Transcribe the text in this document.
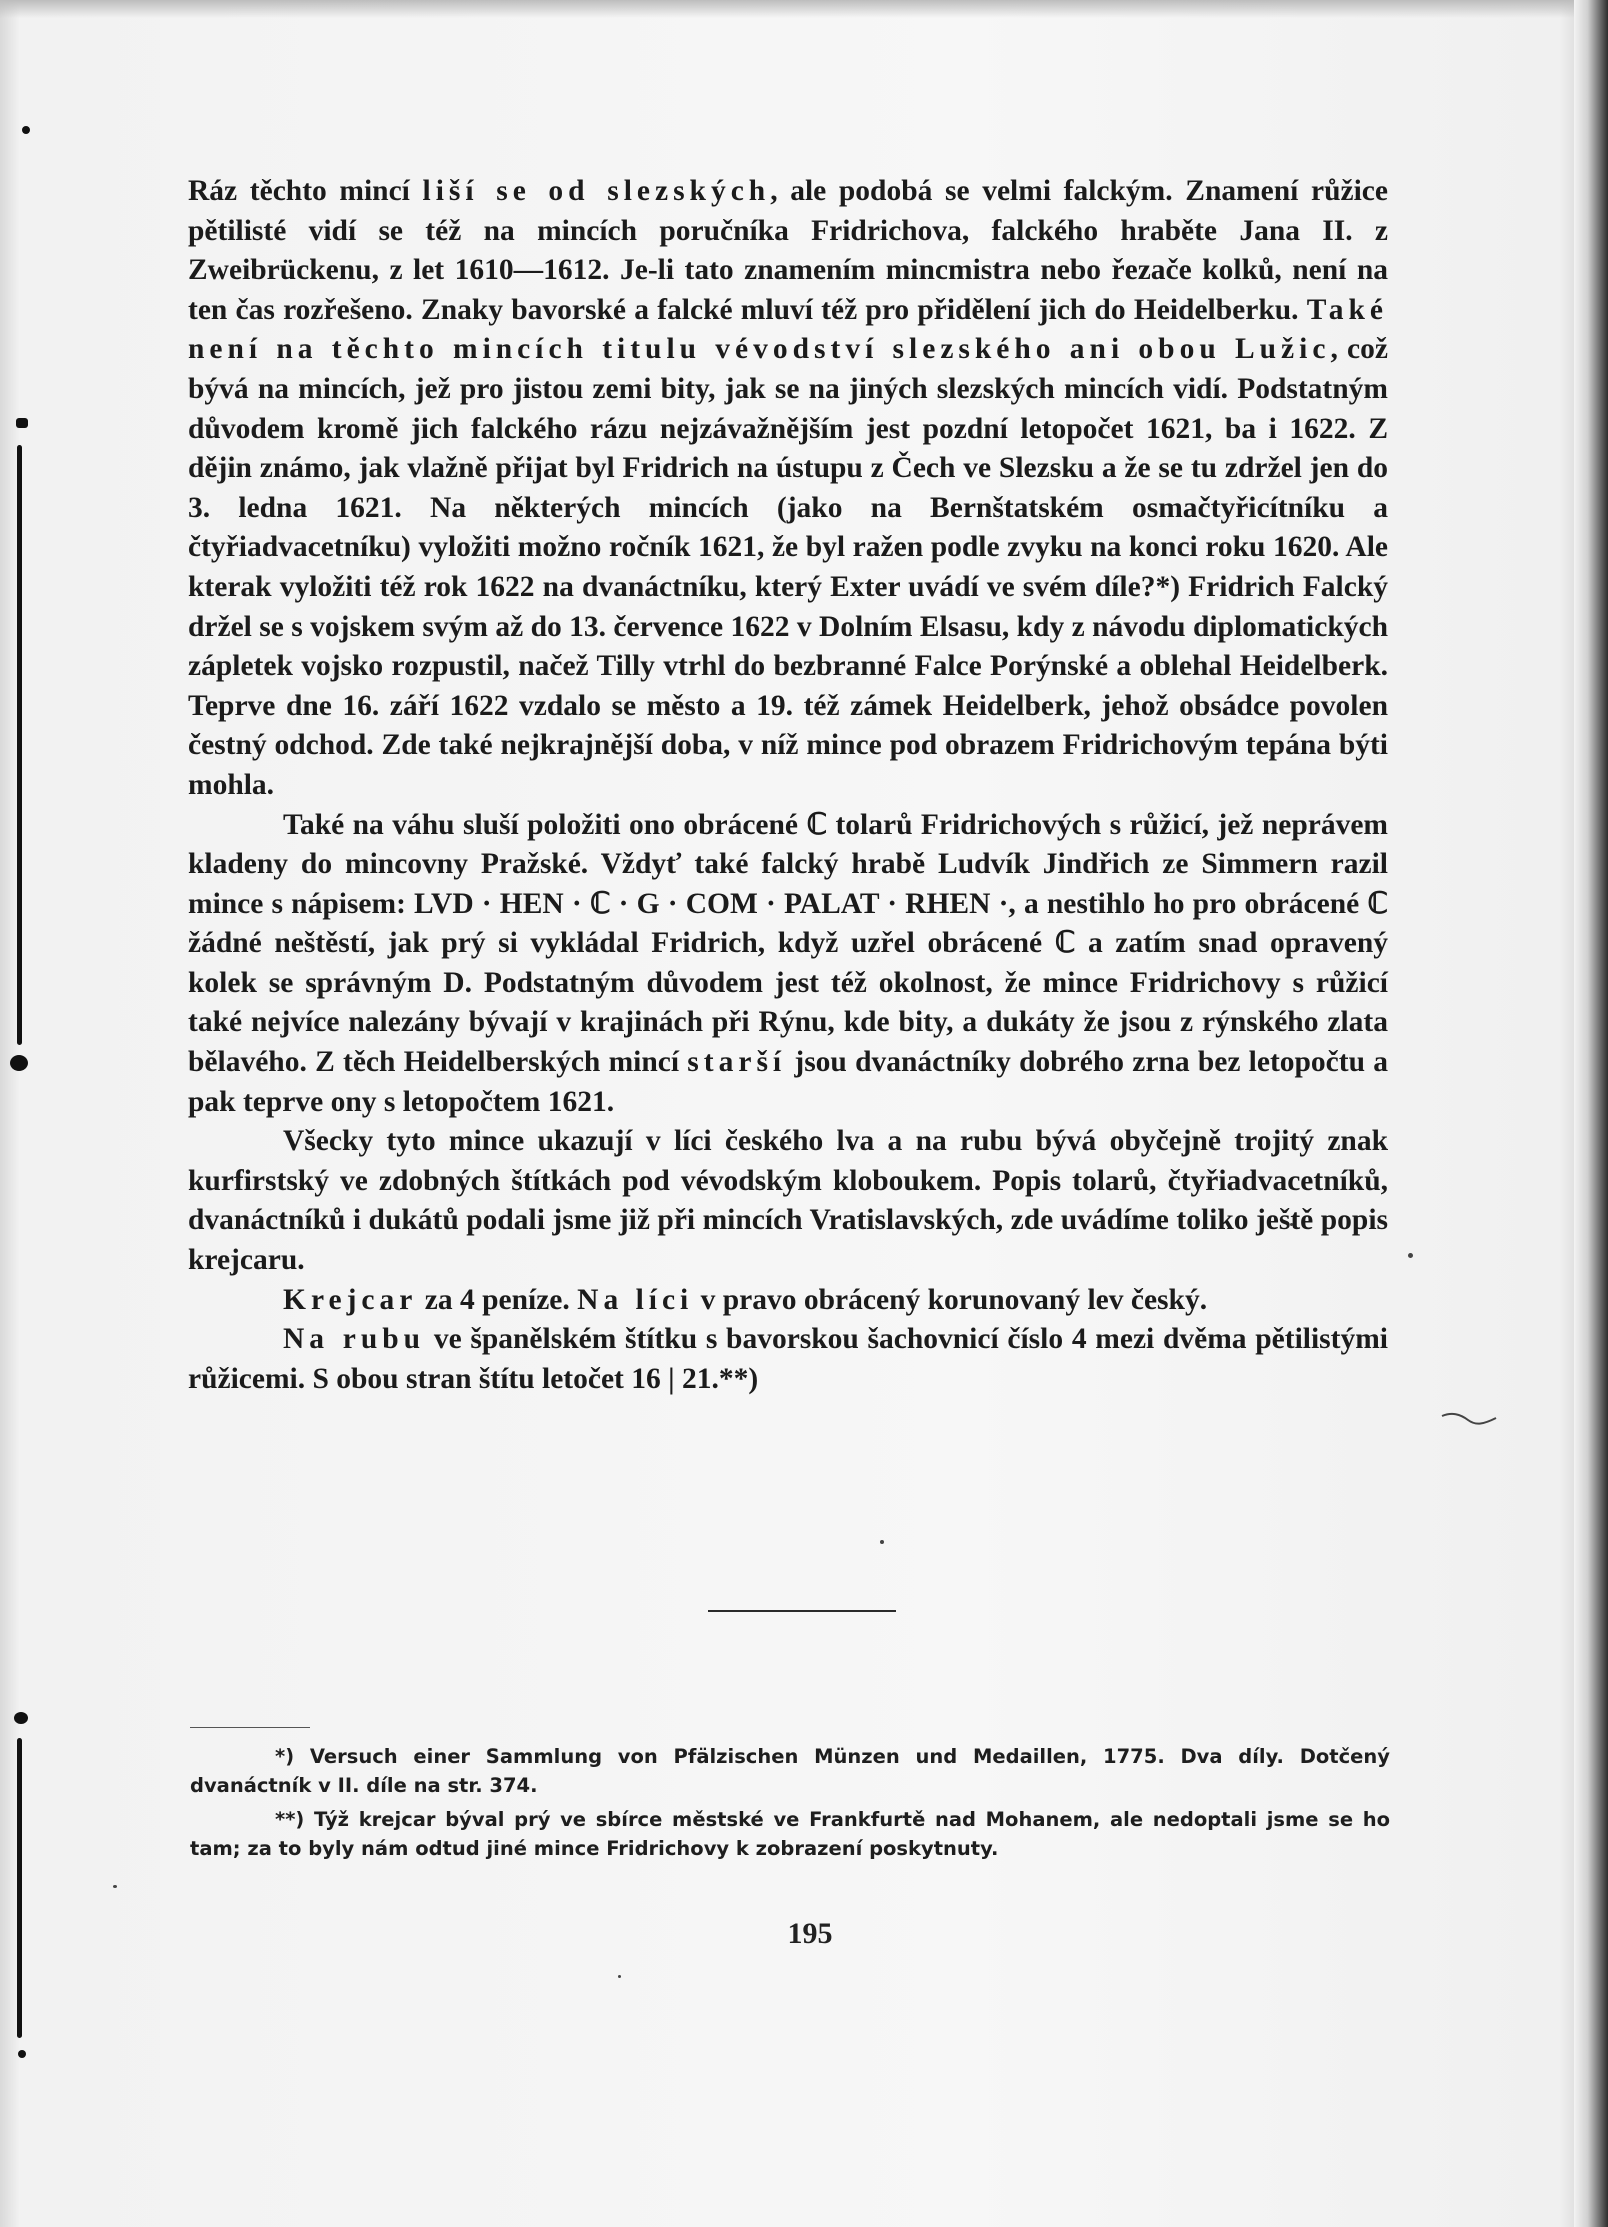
Ráz těchto mincí liší se od slezských, ale podobá se velmi falckým. Znamení růžice pětilisté vidí se též na mincích poručníka Fridrichova, falckého hraběte Jana II. z Zweibrückenu, z let 1610—1612. Je-li tato znamením mincmistra nebo řezače kolků, není na ten čas rozřešeno. Znaky bavorské a falcké mluví též pro přidělení jich do Heidelberku. Také není na těchto mincích titulu vévodství slezského ani obou Lužic, což bývá na mincích, jež pro jistou zemi bity, jak se na jiných slezských mincích vidí. Podstatným důvodem kromě jich falckého rázu nejzávažnějším jest pozdní letopočet 1621, ba i 1622. Z dějin známo, jak vlažně přijat byl Fridrich na ústupu z Čech ve Slezsku a že se tu zdržel jen do 3. ledna 1621. Na některých mincích (jako na Bernštatském osmačtyřicítníku a čtyřiadvacetníku) vyložiti možno ročník 1621, že byl ražen podle zvyku na konci roku 1620. Ale kterak vyložiti též rok 1622 na dvanáctníku, který Exter uvádí ve svém díle?*) Fridrich Falcký držel se s vojskem svým až do 13. července 1622 v Dolním Elsasu, kdy z návodu diplomatických zápletek vojsko rozpustil, načež Tilly vtrhl do bezbranné Falce Porýnské a oblehal Heidelberk. Teprve dne 16. září 1622 vzdalo se město a 19. též zámek Heidelberk, jehož obsádce povolen čestný odchod. Zde také nejkrajnější doba, v níž mince pod obrazem Fridrichovým tepána býti mohla.

Také na váhu sluší položiti ono obrácené ℂ tolarů Fridrichových s růžicí, jež neprávem kladeny do mincovny Pražské. Vždyť také falcký hrabě Ludvík Jindřich ze Simmern razil mince s nápisem: LVD · HEN · ℂ · G · COM · PALAT · RHEN ·, a nestihlo ho pro obrácené ℂ žádné neštěstí, jak prý si vykládal Fridrich, když uzřel obrácené ℂ a zatím snad opravený kolek se správným D. Podstatným důvodem jest též okolnost, že mince Fridrichovy s růžicí také nejvíce nalezány bývají v krajinách při Rýnu, kde bity, a dukáty že jsou z rýnského zlata bělavého. Z těch Heidelberských mincí starší jsou dvanáctníky dobrého zrna bez letopočtu a pak teprve ony s letopočtem 1621.

Všecky tyto mince ukazují v líci českého lva a na rubu bývá obyčejně trojitý znak kurfirstský ve zdobných štítkách pod vévodským kloboukem. Popis tolarů, čtyřiadvacetníků, dvanáctníků i dukátů podali jsme již při mincích Vratislavských, zde uvádíme toliko ještě popis krejcaru.

Krejcar za 4 peníze. Na líci v pravo obrácený korunovaný lev český.

Na rubu ve španělském štítku s bavorskou šachovnicí číslo 4 mezi dvěma pětilistými růžicemi. S obou stran štítu letočet 16 | 21.**)

*) Versuch einer Sammlung von Pfälzischen Münzen und Medaillen, 1775. Dva díly. Dotčený dvanáctník v II. díle na str. 374.

**) Týž krejcar býval prý ve sbírce městské ve Frankfurtě nad Mohanem, ale nedoptali jsme se ho tam; za to byly nám odtud jiné mince Fridrichovy k zobrazení poskytnuty.

195
